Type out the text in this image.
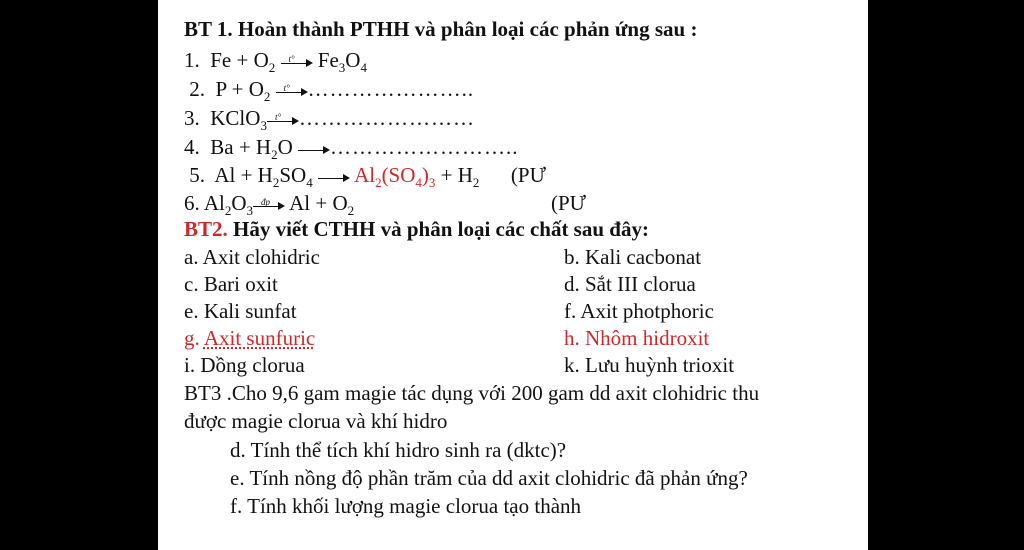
BT 1. Hoàn thành PTHH và phân loại các phản ứng sau :
1. $Fe + O_2$
t° $Fe_3O_4$
2. $P + O_2$
t° …………………..
3. KClO$_3$
t° ……………………
4. $Ba + H_2O$ ……………………..
5. $Al + H_2SO_4$ $Al_2(SO_4)_3 + H_2$ (PƯ
6. $Al_2O_3$
đp $Al + O_2$	(PƯ
BT2. Hãy viết CTHH và phân loại các chất sau đây:
a. Axit clohidric	b. Kali cacbonat
c. Bari oxit	d. Sắt III clorua
e. Kali sunfat	f. Axit photphoric
g. Axit sunfuric	h. Nhôm hidroxit
i. Dồng clorua	k. Lưu huỳnh trioxit
BT3 .Cho 9,6 gam magie tác dụng với 200 gam dd axit clohidric thu
được magie clorua và khí hidro
d. Tính thể tích khí hidro sinh ra (dktc)?
e. Tính nồng độ phần trăm của dd axit clohidric đã phản ứng?
f. Tính khối lượng magie clorua tạo thành
